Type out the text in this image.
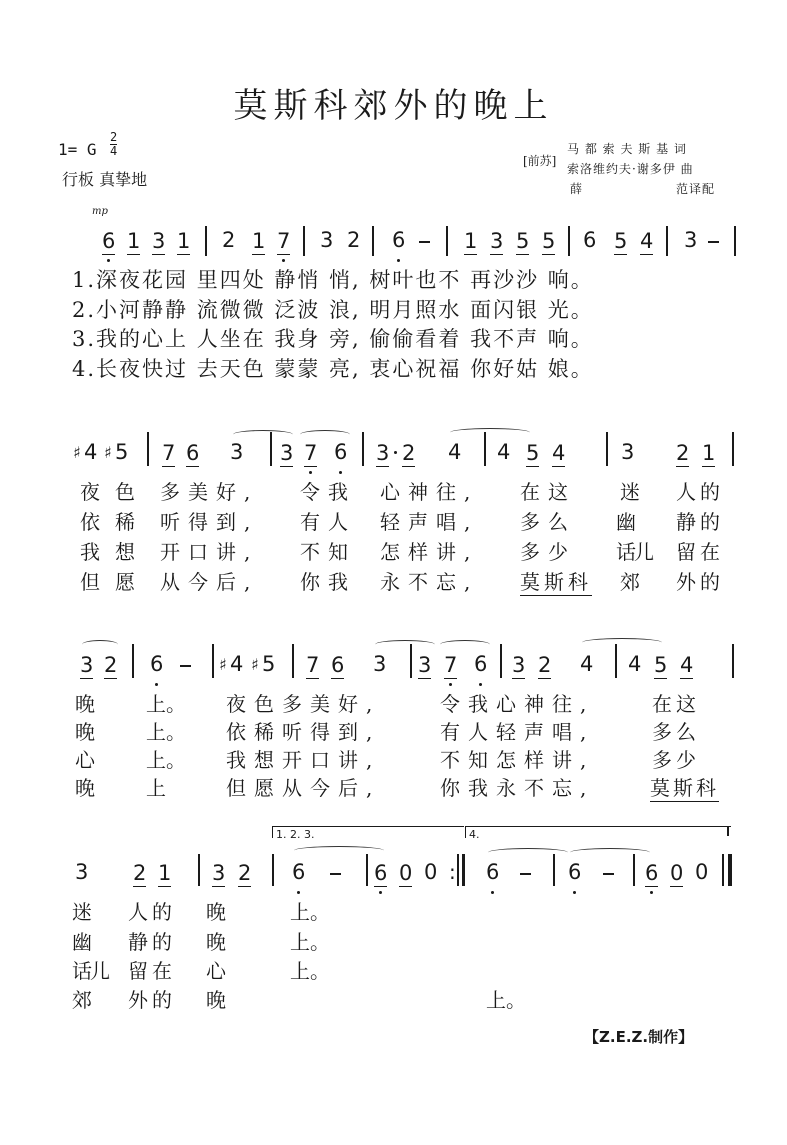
莫斯科郊外的晚上
1= G $\frac{2}{4}$
行板 真挚地
[前苏]
马 都 索 夫 斯 基 词
索洛维约夫·谢多伊 曲
薛	范译配
mp
6 1 3 1 2 1 7 3 2 6	1 3 5 5 6 5 4 3
1.深夜花园 里四处 静悄 悄, 树叶也不 再沙沙 响。
2.小河静静 流微微 泛波 浪, 明月照水 面闪银 光。
3.我的心上 人坐在 我身 旁, 偷偷看着 我不声 响。
4.长夜快过 去天色 蒙蒙 亮, 衷心祝福 你好姑 娘。
♯ 4 ♯ 5 7 6 3 3 7 6 3 2 4 4 5 4	3 2 1
夜 色 多美好, 令我 心神往, 在这 迷 人的
依 稀 听得到, 有人 轻声唱, 多么 幽 静的
我 想 开口讲, 不知 怎样讲, 多少 话儿 留在
但 愿 从今后, 你我 永不忘, 莫斯科 郊 外的
3 2 6	♯ 4 ♯ 5 7 6 3 3 7 6 3 2 4 4 5 4
晚	上。 夜色多美好,	令我心神往,	在这
晚	上。 依稀听得到,	有人轻声唱,	多么
心	上。 我想开口讲,	不知怎样讲,	多少
晚	上	但愿从今后,	你我永不忘,	莫斯科
1. 2. 3.	4.
3 2 1 3 2 6	6 0 0 : 6	6	6 0 0
迷 人的 晚	上。
幽 静的 晚	上。
话儿 留在 心	上。
郊 外的 晚	上。
【Z.E.Z.制作】
